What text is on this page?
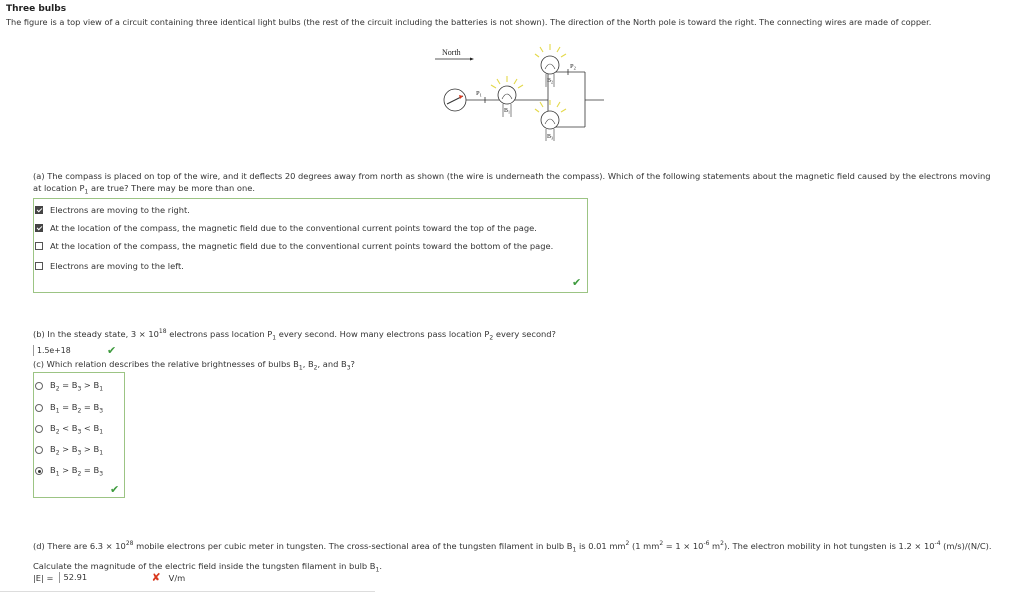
Three bulbs
The figure is a top view of a circuit containing three identical light bulbs (the rest of the circuit including the batteries is not shown). The direction of the North pole is toward the right. The connecting wires are made of copper.
North
$P_1$
$P_2$
$B_1$
$B_2$
$B_3$
(a) The compass is placed on top of the wire, and it deflects 20 degrees away from north as shown (the wire is underneath the compass). Which of the following statements about the magnetic field caused by the electrons moving at location $P_1$ are true? There may be more than one.
Electrons are moving to the right.
At the location of the compass, the magnetic field due to the conventional current points toward the top of the page.
At the location of the compass, the magnetic field due to the conventional current points toward the bottom of the page.
Electrons are moving to the left.
✔
(b) In the steady state, $3 \times 10^{18}$ electrons pass location $P_1$ every second. How many electrons pass location $P_2$ every second?
1.5e+18	✔
(c) Which relation describes the relative brightnesses of bulbs $B_1$, $B_2$, and $B_3$?
$B_2 = B_3 > B_1$
$B_1 = B_2 = B_3$
$B_2 < B_3 < B_1$
$B_2 > B_3 > B_1$
$B_1 > B_2 = B_3$
✔
(d) There are $6.3 \times 10^{28}$ mobile electrons per cubic meter in tungsten. The cross-sectional area of the tungsten filament in bulb $B_1$ is 0.01 $mm^2$ (1 $mm^2 = 1 \times 10^{-6}$ $m^2$). The electron mobility in hot tungsten is $1.2 \times 10^{-4}$ (m/s)/(N/C). Calculate the magnitude of the electric field inside the tungsten filament in bulb $B_1$.
|E| =	52.91	✘ V/m
